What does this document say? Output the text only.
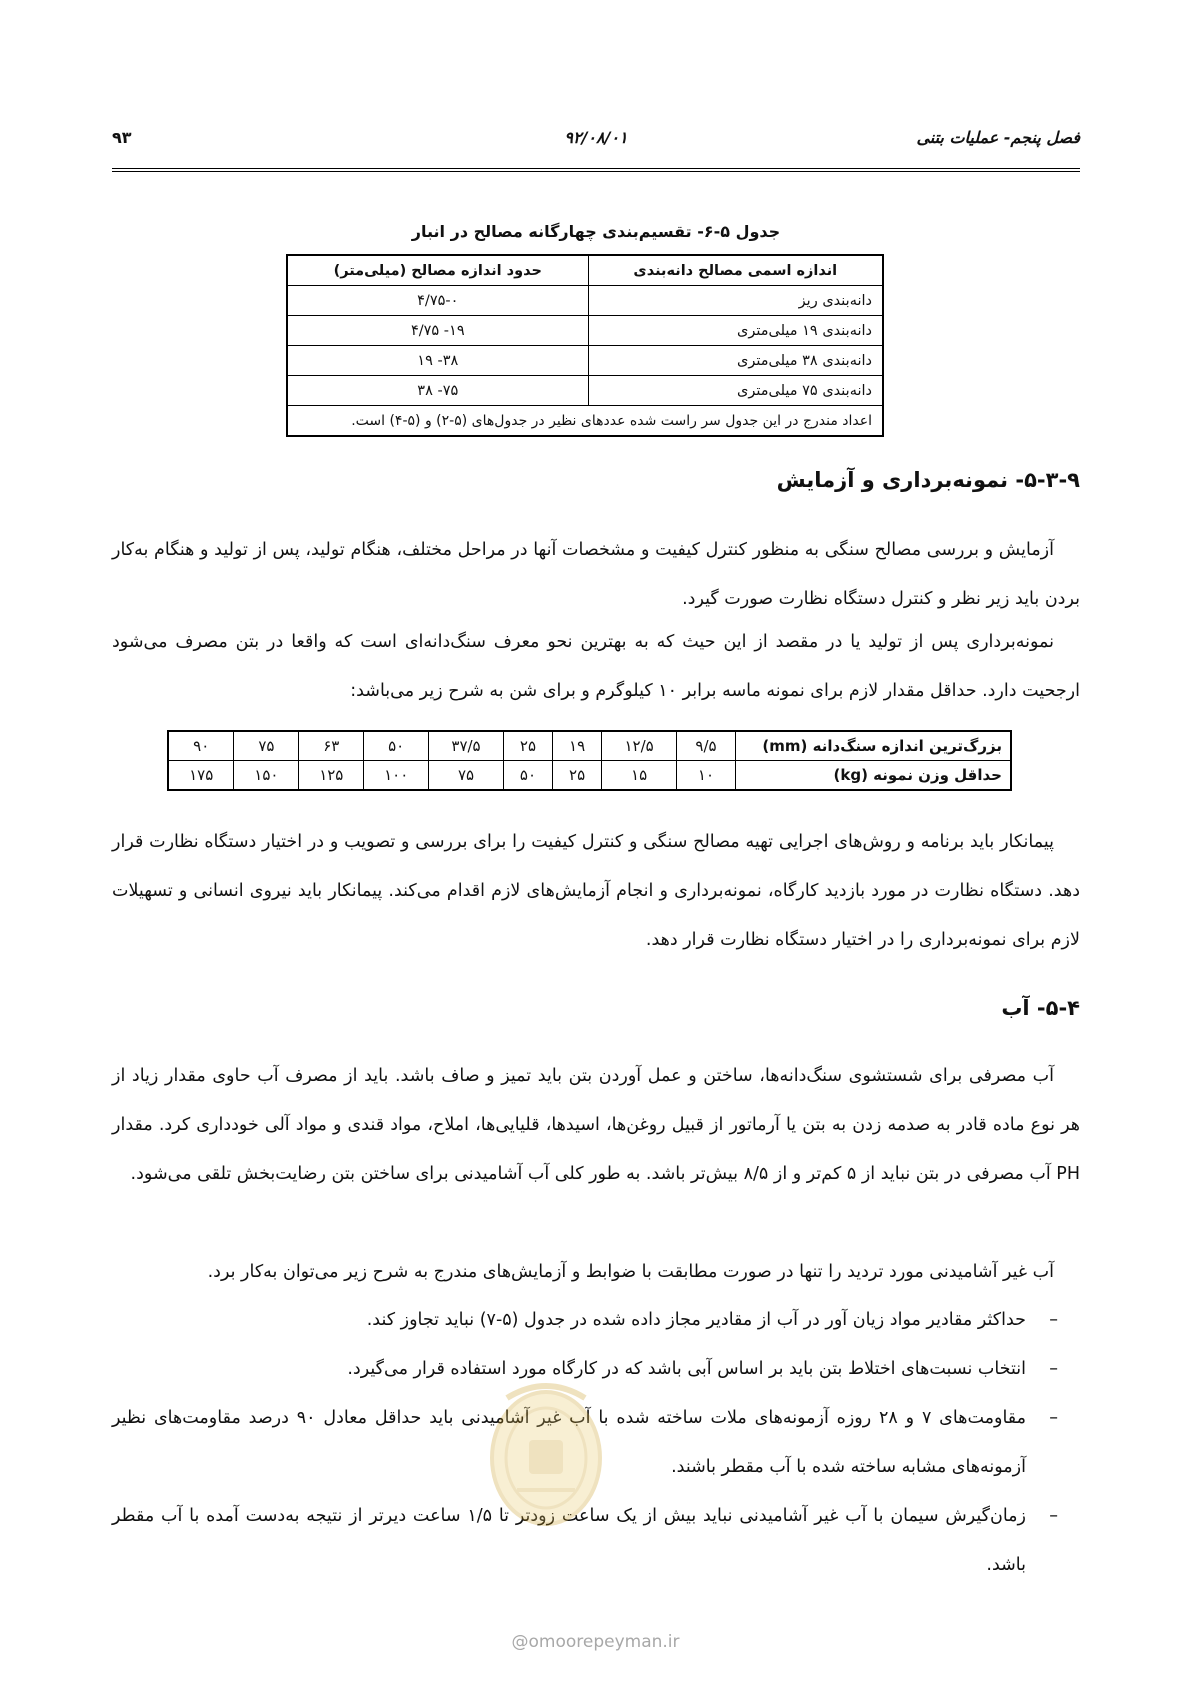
فصل پنجم- عملیات بتنی
۹۲/۰۸/۰۱
۹۳
جدول ۵-۶- تقسیم‌بندی چهارگانه مصالح در انبار
اندازه اسمی مصالح دانه‌بندی	حدود اندازه مصالح (میلی‌متر)
دانه‌بندی ریز	۴/۷۵-۰
دانه‌بندی ۱۹ میلی‌متری	۱۹- ۴/۷۵
دانه‌بندی ۳۸ میلی‌متری	۳۸- ۱۹
دانه‌بندی ۷۵ میلی‌متری	۷۵- ۳۸
اعداد مندرج در این جدول سر راست شده عددهای نظیر در جدول‌های (۵-۲) و (۵-۴) است.	
۵-۳-۹- نمونه‌برداری و آزمایش

آزمایش و بررسی مصالح سنگی به منظور کنترل کیفیت و مشخصات آنها در مراحل مختلف، هنگام تولید، پس از تولید و هنگام به‌کار بردن باید زیر نظر و کنترل دستگاه نظارت صورت گیرد.

نمونه‌برداری پس از تولید یا در مقصد از این حیث که به بهترین نحو معرف سنگ‌دانه‌ای است که واقعا در بتن مصرف می‌شود ارجحیت دارد. حداقل مقدار لازم برای نمونه ماسه برابر ۱۰ کیلوگرم و برای شن به شرح زیر می‌باشد:

بزرگ‌ترین اندازه سنگ‌دانه (mm)	۹/۵	۱۲/۵	۱۹	۲۵	۳۷/۵	۵۰	۶۳	۷۵	۹۰
حداقل وزن نمونه (kg)	۱۰	۱۵	۲۵	۵۰	۷۵	۱۰۰	۱۲۵	۱۵۰	۱۷۵

پیمانکار باید برنامه و روش‌های اجرایی تهیه مصالح سنگی و کنترل کیفیت را برای بررسی و تصویب و در اختیار دستگاه نظارت قرار دهد. دستگاه نظارت در مورد بازدید کارگاه، نمونه‌برداری و انجام آزمایش‌های لازم اقدام می‌کند. پیمانکار باید نیروی انسانی و تسهیلات لازم برای نمونه‌برداری را در اختیار دستگاه نظارت قرار دهد.

۵-۴- آب

آب مصرفی برای شستشوی سنگ‌دانه‌ها، ساختن و عمل آوردن بتن باید تمیز و صاف باشد. باید از مصرف آب حاوی مقدار زیاد از هر نوع ماده قادر به صدمه زدن به بتن یا آرماتور از قبیل روغن‌ها، اسیدها، قلیایی‌ها، املاح، مواد قندی و مواد آلی خودداری کرد. مقدار PH آب مصرفی در بتن نباید از ۵ کم‌تر و از ۸/۵ بیش‌تر باشد. به طور کلی آب آشامیدنی برای ساختن بتن رضایت‌بخش تلقی می‌شود.

آب غیر آشامیدنی مورد تردید را تنها در صورت مطابقت با ضوابط و آزمایش‌های مندرج به شرح زیر می‌توان به‌کار برد.

–
حداکثر مقادیر مواد زیان آور در آب از مقادیر مجاز داده شده در جدول (۵-۷) نباید تجاوز کند.
–
انتخاب نسبت‌های اختلاط بتن باید بر اساس آبی باشد که در کارگاه مورد استفاده قرار می‌گیرد.
–
مقاومت‌های ۷ و ۲۸ روزه آزمونه‌های ملات ساخته شده با آب غیر آشامیدنی باید حداقل معادل ۹۰ درصد مقاومت‌های نظیر آزمونه‌های مشابه ساخته شده با آب مقطر باشند.
–
زمان‌گیرش سیمان با آب غیر آشامیدنی نباید بیش از یک ساعت زودتر تا ۱/۵ ساعت دیرتر از نتیجه به‌دست آمده با آب مقطر باشد.
@omoorepeyman.ir
